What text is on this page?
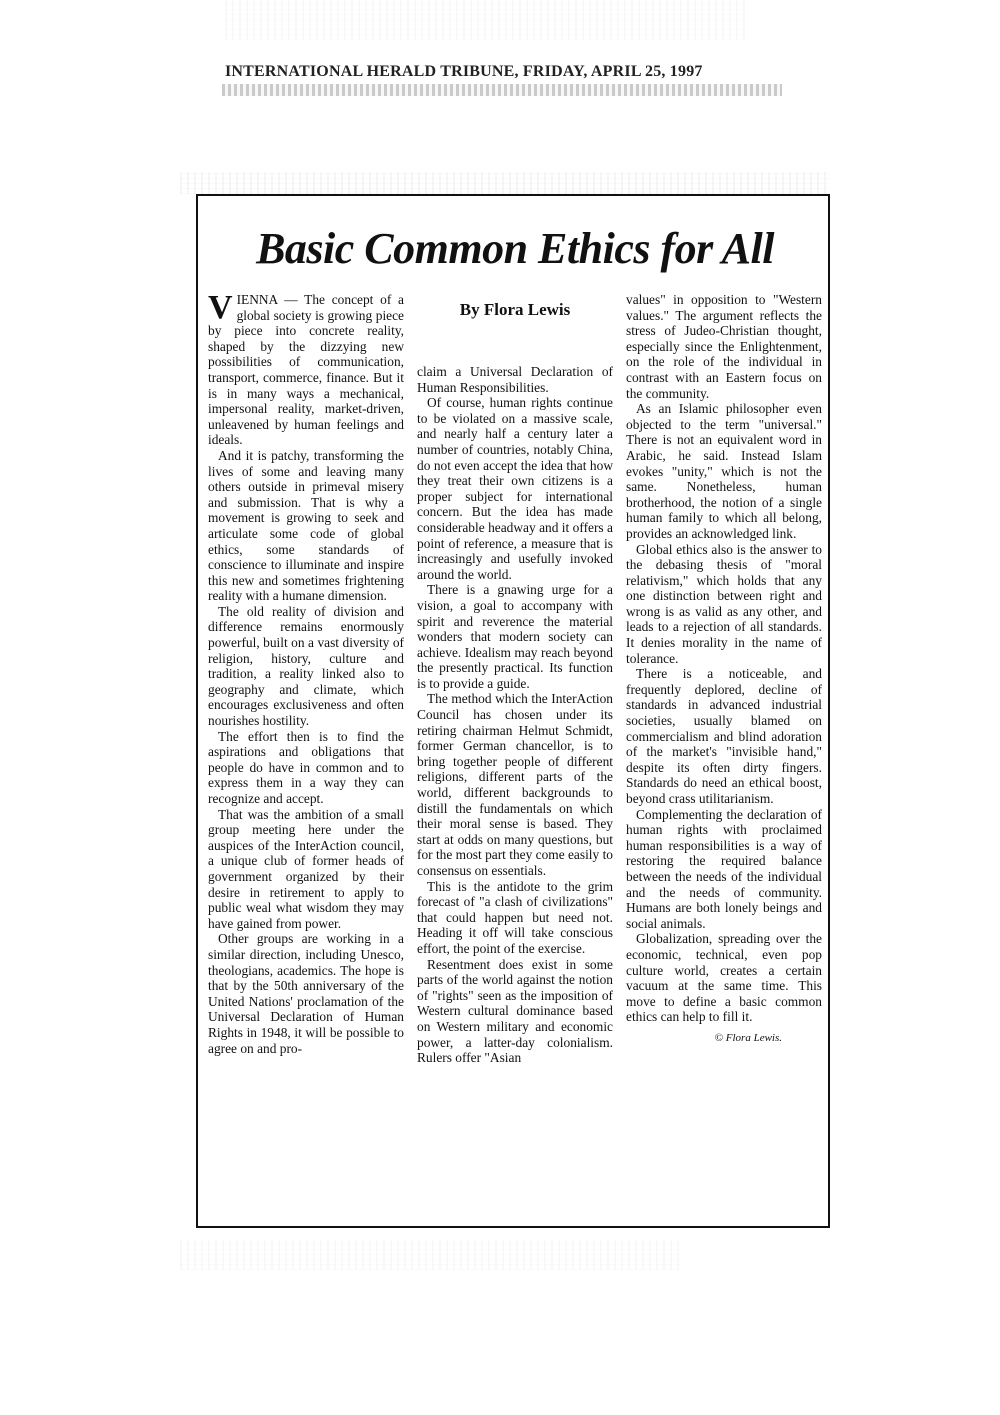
INTERNATIONAL HERALD TRIBUNE, FRIDAY, APRIL 25, 1997
Basic Common Ethics for All

VIENNA — The concept of a global society is growing piece by piece into concrete reality, shaped by the dizzying new possibilities of communication, transport, commerce, finance. But it is in many ways a mechanical, impersonal reality, market-driven, unleavened by human feelings and ideals.

And it is patchy, transforming the lives of some and leaving many others outside in primeval misery and submission. That is why a movement is growing to seek and articulate some code of global ethics, some standards of conscience to illuminate and inspire this new and sometimes frightening reality with a humane dimension.

The old reality of division and difference remains enormously powerful, built on a vast diversity of religion, history, culture and tradition, a reality linked also to geography and climate, which encourages exclusiveness and often nourishes hostility.

The effort then is to find the aspirations and obligations that people do have in common and to express them in a way they can recognize and accept.

That was the ambition of a small group meeting here under the auspices of the InterAction council, a unique club of former heads of government organized by their desire in retirement to apply to public weal what wisdom they may have gained from power.

Other groups are working in a similar direction, including Unesco, theologians, academics. The hope is that by the 50th anniversary of the United Nations' proclamation of the Universal Declaration of Human Rights in 1948, it will be possible to agree on and pro-

By Flora Lewis

claim a Universal Declaration of Human Responsibilities.

Of course, human rights continue to be violated on a massive scale, and nearly half a century later a number of countries, notably China, do not even accept the idea that how they treat their own citizens is a proper subject for international concern. But the idea has made considerable headway and it offers a point of reference, a measure that is increasingly and usefully invoked around the world.

There is a gnawing urge for a vision, a goal to accompany with spirit and reverence the material wonders that modern society can achieve. Idealism may reach beyond the presently practical. Its function is to provide a guide.

The method which the InterAction Council has chosen under its retiring chairman Helmut Schmidt, former German chancellor, is to bring together people of different religions, different parts of the world, different backgrounds to distill the fundamentals on which their moral sense is based. They start at odds on many questions, but for the most part they come easily to consensus on essentials.

This is the antidote to the grim forecast of "a clash of civilizations" that could happen but need not. Heading it off will take conscious effort, the point of the exercise.

Resentment does exist in some parts of the world against the notion of "rights" seen as the imposition of Western cultural dominance based on Western military and economic power, a latter-day colonialism. Rulers offer "Asian

values" in opposition to "Western values." The argument reflects the stress of Judeo-Christian thought, especially since the Enlightenment, on the role of the individual in contrast with an Eastern focus on the community.

As an Islamic philosopher even objected to the term "universal." There is not an equivalent word in Arabic, he said. Instead Islam evokes "unity," which is not the same. Nonetheless, human brotherhood, the notion of a single human family to which all belong, provides an acknowledged link.

Global ethics also is the answer to the debasing thesis of "moral relativism," which holds that any one distinction between right and wrong is as valid as any other, and leads to a rejection of all standards. It denies morality in the name of tolerance.

There is a noticeable, and frequently deplored, decline of standards in advanced industrial societies, usually blamed on commercialism and blind adoration of the market's "invisible hand," despite its often dirty fingers. Standards do need an ethical boost, beyond crass utilitarianism.

Complementing the declaration of human rights with proclaimed human responsibilities is a way of restoring the required balance between the needs of the individual and the needs of community. Humans are both lonely beings and social animals.

Globalization, spreading over the economic, technical, even pop culture world, creates a certain vacuum at the same time. This move to define a basic common ethics can help to fill it.

© Flora Lewis.
